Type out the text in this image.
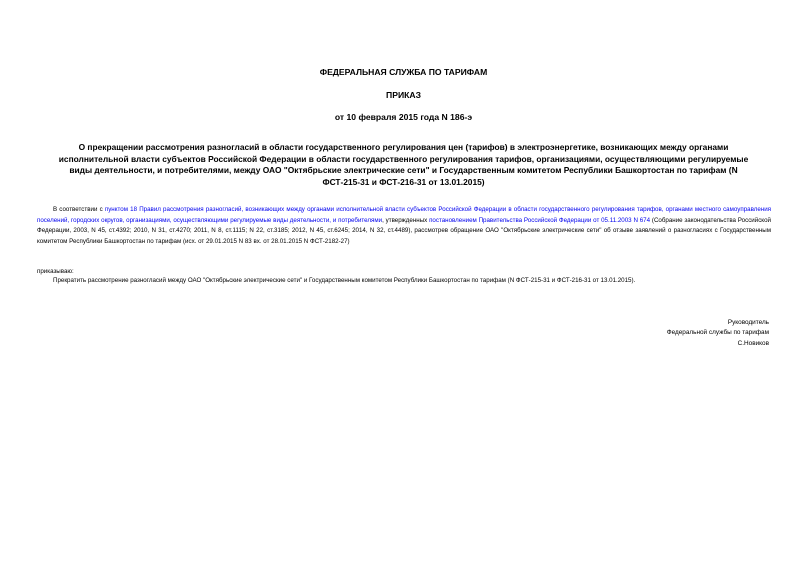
ФЕДЕРАЛЬНАЯ СЛУЖБА ПО ТАРИФАМ
ПРИКАЗ
от 10 февраля 2015 года N 186-э
О прекращении рассмотрения разногласий в области государственного регулирования цен (тарифов) в электроэнергетике, возникающих между органами исполнительной власти субъектов Российской Федерации в области государственного регулирования тарифов, организациями, осуществляющими регулируемые виды деятельности, и потребителями, между ОАО "Октябрьские электрические сети" и Государственным комитетом Республики Башкортостан по тарифам (N ФСТ-215-31 и ФСТ-216-31 от 13.01.2015)

В соответствии с пунктом 18 Правил рассмотрения разногласий, возникающих между органами исполнительной власти субъектов Российской Федерации в области государственного регулирования тарифов, органами местного самоуправления поселений, городских округов, организациями, осуществляющими регулируемые виды деятельности, и потребителями, утвержденных постановлением Правительства Российской Федерации от 05.11.2003 N 674 (Собрание законодательства Российской Федерации, 2003, N 45, ст.4392; 2010, N 31, ст.4270; 2011, N 8, ст.1115; N 22, ст.3185; 2012, N 45, ст.6245; 2014, N 32, ст.4489), рассмотрев обращение ОАО "Октябрьские электрические сети" об отзыве заявлений о разногласиях с Государственным комитетом Республики Башкортостан по тарифам (исх. от 29.01.2015 N 83 вх. от 28.01.2015 N ФСТ-2182-27)

приказываю:
Прекратить рассмотрение разногласий между ОАО "Октябрьские электрические сети" и Государственным комитетом Республики Башкортостан по тарифам (N ФСТ-215-31 и ФСТ-216-31 от 13.01.2015).
Руководитель
Федеральной службы по тарифам
С.Новиков
